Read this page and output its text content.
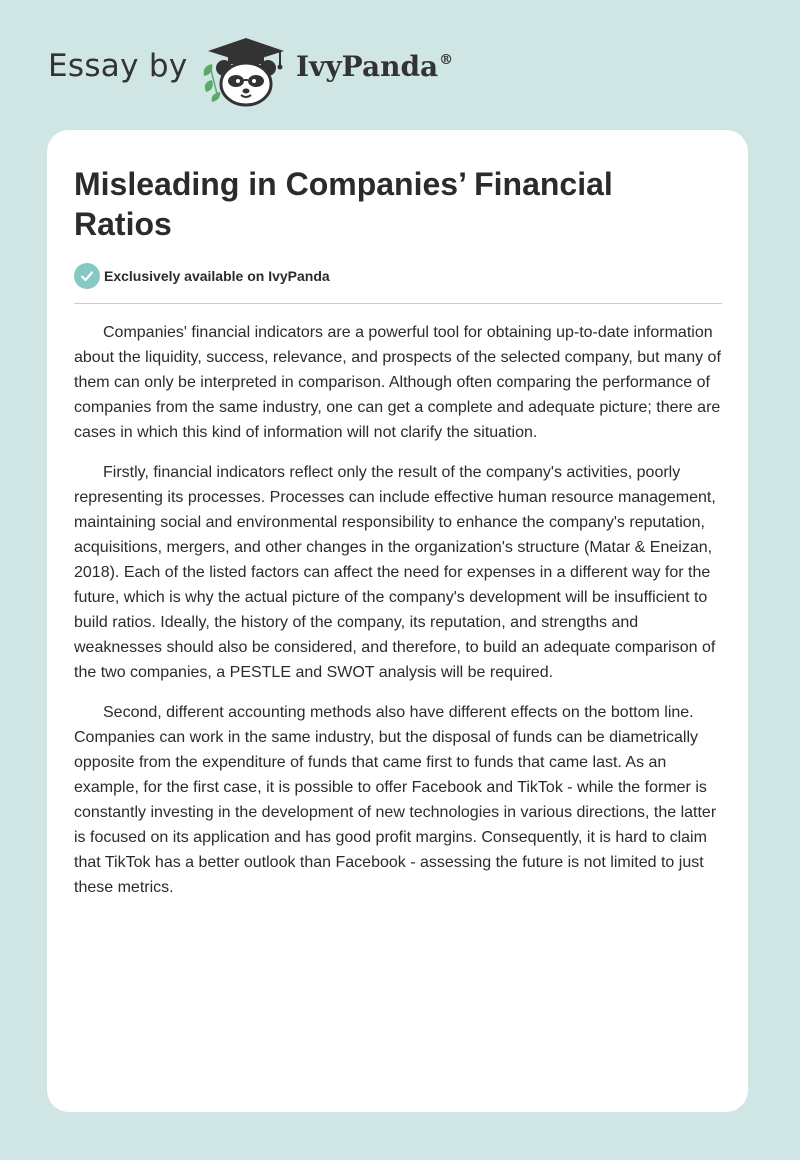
Essay by	IvyPanda®
Misleading in Companies’ Financial Ratios
Exclusively available on IvyPanda

Companies' financial indicators are a powerful tool for obtaining up-to-date information about the liquidity, success, relevance, and prospects of the selected company, but many of them can only be interpreted in comparison. Although often comparing the performance of companies from the same industry, one can get a complete and adequate picture; there are cases in which this kind of information will not clarify the situation.

Firstly, financial indicators reflect only the result of the company's activities, poorly representing its processes. Processes can include effective human resource management, maintaining social and environmental responsibility to enhance the company's reputation, acquisitions, mergers, and other changes in the organization's structure (Matar & Eneizan, 2018). Each of the listed factors can affect the need for expenses in a different way for the future, which is why the actual picture of the company's development will be insufficient to build ratios. Ideally, the history of the company, its reputation, and strengths and weaknesses should also be considered, and therefore, to build an adequate comparison of the two companies, a PESTLE and SWOT analysis will be required.

Second, different accounting methods also have different effects on the bottom line. Companies can work in the same industry, but the disposal of funds can be diametrically opposite from the expenditure of funds that came first to funds that came last. As an example, for the first case, it is possible to offer Facebook and TikTok - while the former is constantly investing in the development of new technologies in various directions, the latter is focused on its application and has good profit margins. Consequently, it is hard to claim that TikTok has a better outlook than Facebook - assessing the future is not limited to just these metrics.
